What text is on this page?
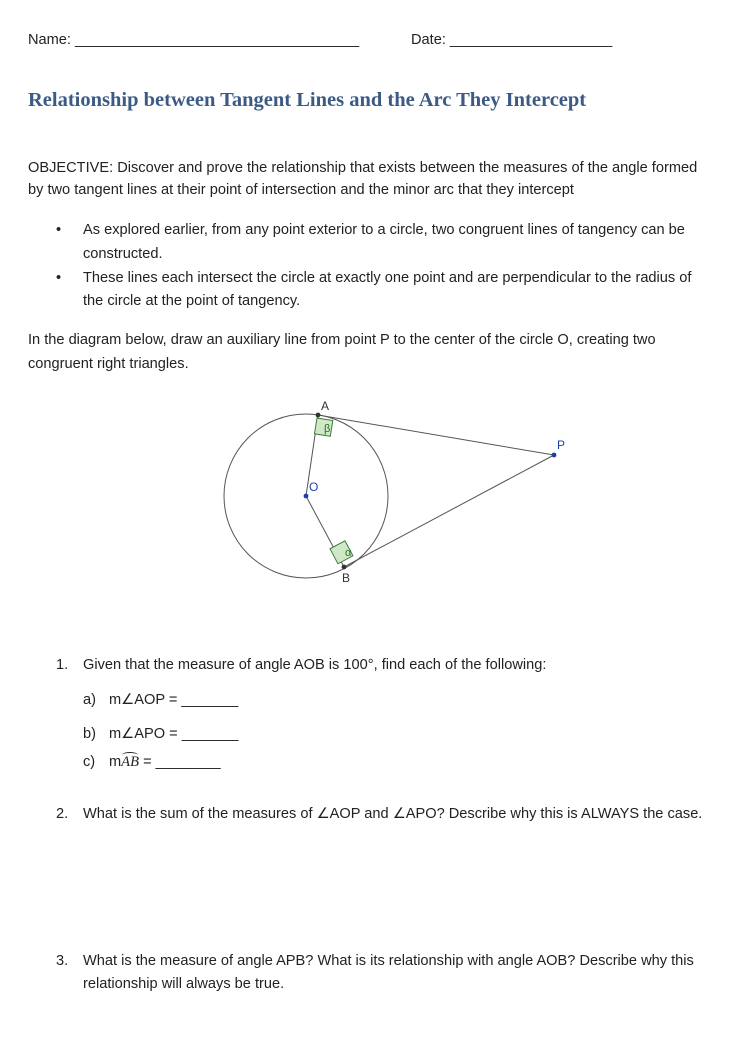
Name: ___________________________________	Date: ____________________
Relationship between Tangent Lines and the Arc They Intercept
OBJECTIVE: Discover and prove the relationship that exists between the measures of the angle formed
by two tangent lines at their point of intersection and the minor arc that they intercept
• As explored earlier, from any point exterior to a circle, two congruent lines of tangency can be
constructed.
• These lines each intersect the circle at exactly one point and are perpendicular to the radius of
the circle at the point of tangency.
In the diagram below, draw an auxiliary line from point P to the center of the circle O, creating two
congruent right triangles.
β
α
A
B
O
P
1. Given that the measure of angle AOB is 100°, find each of the following:
a) m∠AOP = _______
b) m∠APO = _______
c) m
AB = ________
2. What is the sum of the measures of ∠AOP and ∠APO? Describe why this is ALWAYS the case.
3. What is the measure of angle APB? What is its relationship with angle AOB? Describe why this
relationship will always be true.
